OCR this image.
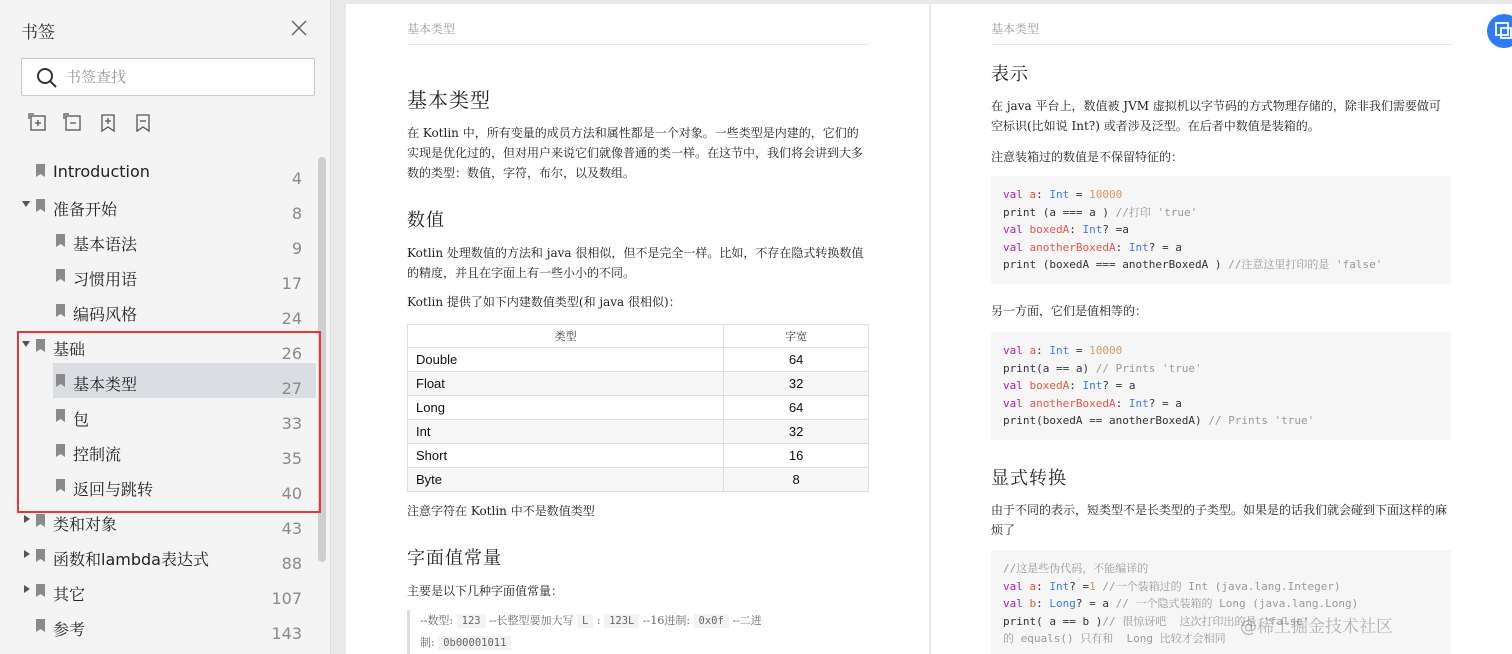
书签
书签查找
Introduction	4
准备开始	8
基本语法	9
习惯用语	17
编码风格	24
基础	26
基本类型	27
包	33
控制流	35
返回与跳转	40
类和对象	43
函数和lambda表达式	88
其它	107
参考	143
基本类型
基本类型
在 Kotlin 中，所有变量的成员方法和属性都是一个对象。一些类型是内建的，它们的实现是优化过的，但对用户来说它们就像普通的类一样。在这节中，我们将会讲到大多数的类型：数值，字符，布尔，以及数组。
数值
Kotlin 处理数值的方法和 java 很相似，但不是完全一样。比如，不存在隐式转换数值的精度，并且在字面上有一些小小的不同。
Kotlin 提供了如下内建数值类型(和 java 很相似)：
类型	字宽
Double	64
Float	32
Long	64
Int	32
Short	16
Byte	8
注意字符在 Kotlin 中不是数值类型
字面值常量
主要是以下几种字面值常量：
--数型: 123 --长整型要加大写 L : 123L --16进制: 0x0f --二进
制: 0b00001011
基本类型
表示
在 java 平台上，数值被 JVM 虚拟机以字节码的方式物理存储的，除非我们需要做可空标识(比如说 Int?) 或者涉及泛型。在后者中数值是装箱的。
注意装箱过的数值是不保留特征的：
另一方面，它们是值相等的：
显式转换
由于不同的表示，短类型不是长类型的子类型。如果是的话我们就会碰到下面这样的麻烦了
val a: Int = 10000
print (a === a ) //打印 'true'
val boxedA: Int? =a
val anotherBoxedA: Int? = a
print (boxedA === anotherBoxedA ) //注意这里打印的是 'false'
val a: Int = 10000
print(a == a) // Prints 'true'
val boxedA: Int? = a
val anotherBoxedA: Int? = a
print(boxedA == anotherBoxedA) // Prints 'true'
//这是些伪代码，不能编译的
val a: Int? =1 //一个装箱过的 Int (java.lang.Integer)
val b: Long? = a // 一个隐式装箱的 Long (java.lang.Long)
print( a == b )// 很惊讶吧  这次打印出的是 'false'
的 equals() 只有和  Long 比较才会相同
@稀土掘金技术社区
